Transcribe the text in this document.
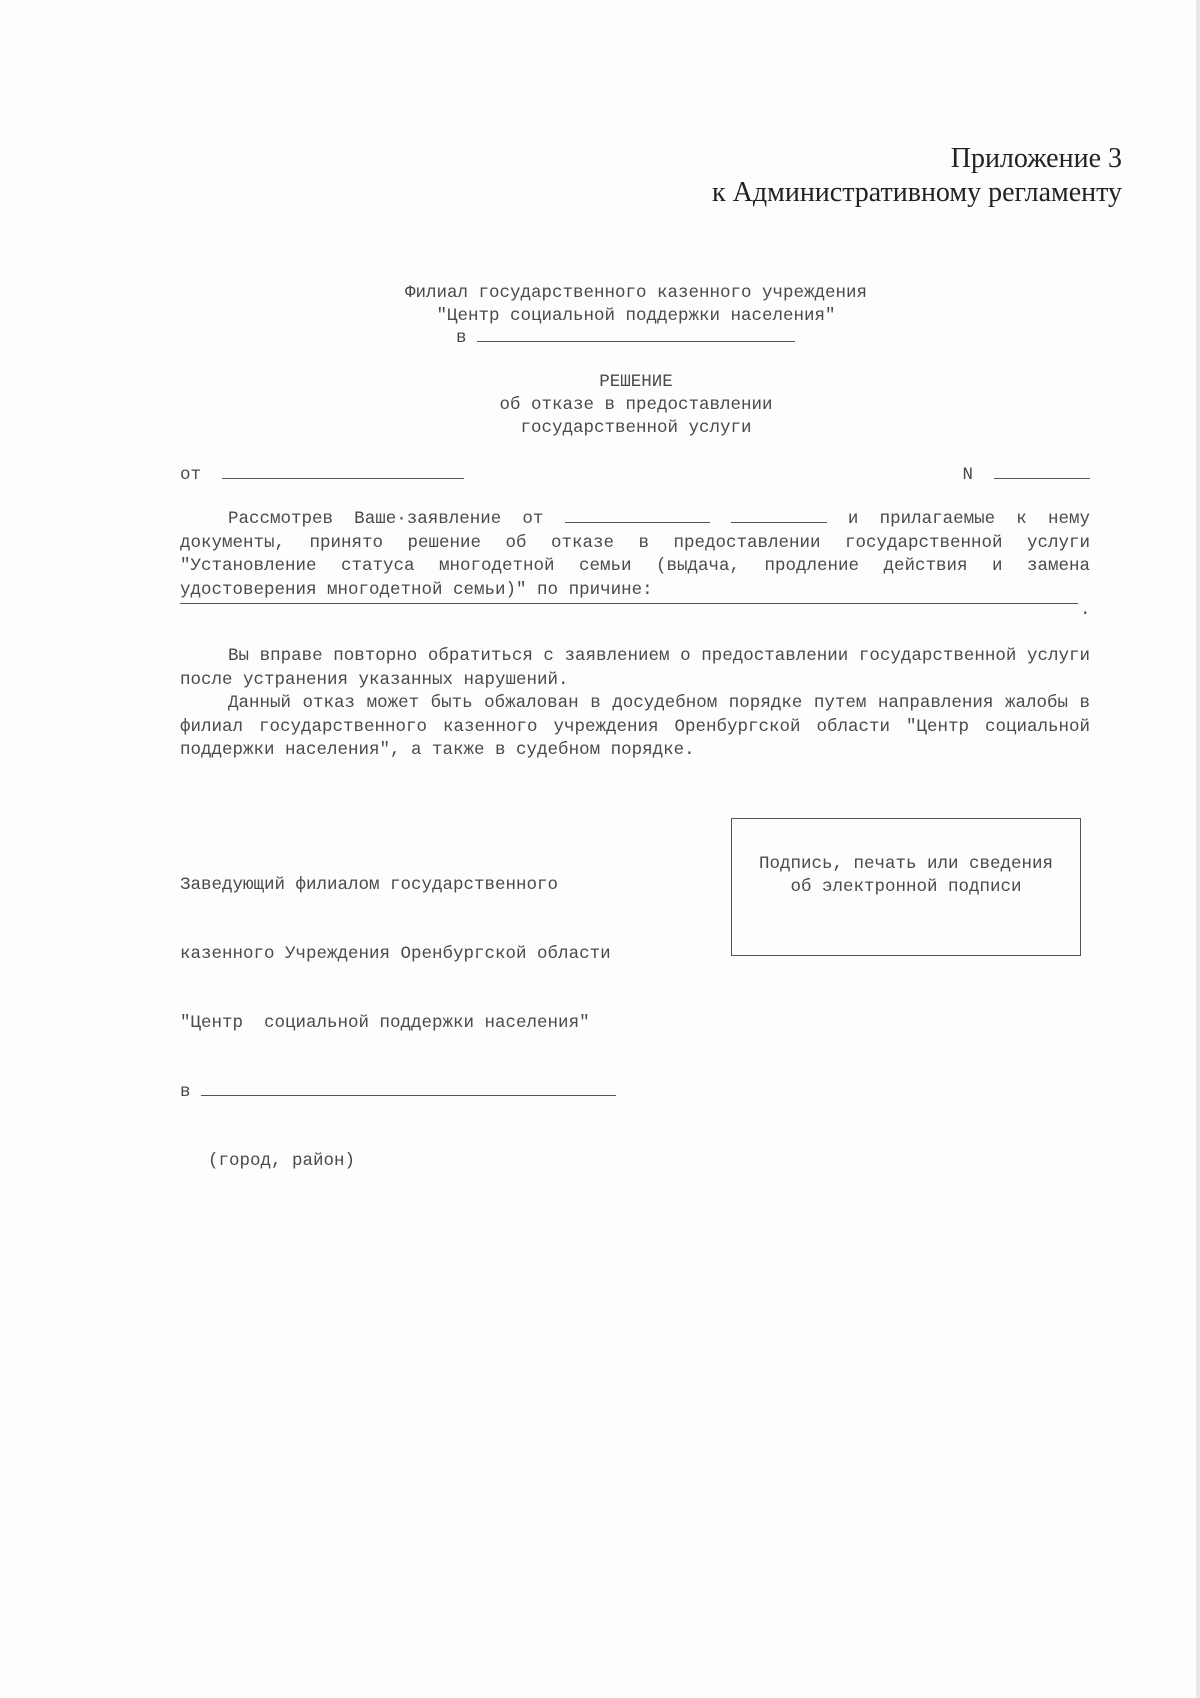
Приложение 3
к Административному регламенту
Филиал государственного казенного учреждения
"Центр социальной поддержки населения"
в
РЕШЕНИЕ
об отказе в предоставлении
государственной услуги
от	N

Рассмотрев Ваше·заявление от	и прилагаемые к нему

документы, принято решение об отказе в предоставлении государственной услуги "Установление статуса многодетной семьи (выдача, продление действия и замена удостоверения многодетной семьи)" по причине:

.

Вы вправе повторно обратиться с заявлением о предоставлении государственной услуги после устранения указанных нарушений.

Данный отказ может быть обжалован в досудебном порядке путем направления жалобы в филиал государственного казенного учреждения Оренбургской области "Центр социальной поддержки населения", а также в судебном порядке.

Заведующий филиалом государственного

казенного Учреждения Оренбургской области

"Центр  социальной поддержки населения"

в

(город, район)

Подпись, печать или сведения
об электронной подписи
